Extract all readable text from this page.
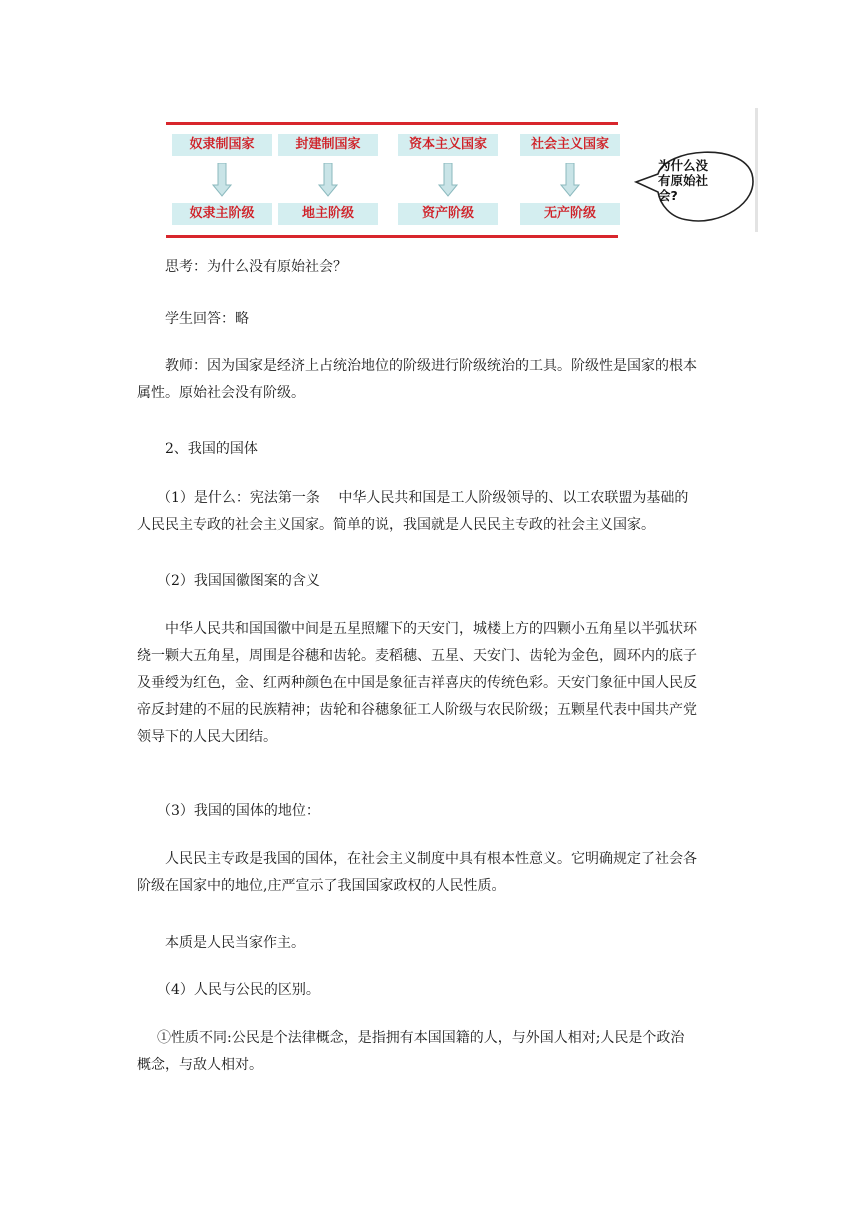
奴隶制国家
奴隶主阶级
封建制国家
地主阶级
资本主义国家
资产阶级
社会主义国家
无产阶级
为什么没
有原始社
会?
思考：为什么没有原始社会？
学生回答：略
教师：因为国家是经济上占统治地位的阶级进行阶级统治的工具。阶级性是国家的根本
属性。原始社会没有阶级。
2、我国的国体
（1）是什么：宪法第一条　 中华人民共和国是工人阶级领导的、以工农联盟为基础的
人民民主专政的社会主义国家。简单的说，我国就是人民民主专政的社会主义国家。
（2）我国国徽图案的含义
中华人民共和国国徽中间是五星照耀下的天安门，城楼上方的四颗小五角星以半弧状环
绕一颗大五角星，周围是谷穗和齿轮。麦稻穗、五星、天安门、齿轮为金色，圆环内的底子
及垂绶为红色，金、红两种颜色在中国是象征吉祥喜庆的传统色彩。天安门象征中国人民反
帝反封建的不屈的民族精神；齿轮和谷穗象征工人阶级与农民阶级；五颗星代表中国共产党
领导下的人民大团结。
（3）我国的国体的地位：
人民民主专政是我国的国体，在社会主义制度中具有根本性意义。它明确规定了社会各
阶级在国家中的地位,庄严宣示了我国国家政权的人民性质。
本质是人民当家作主。
（4）人民与公民的区别。
①性质不同:公民是个法律概念，是指拥有本国国籍的人，与外国人相对;人民是个政治
概念，与敌人相对。
